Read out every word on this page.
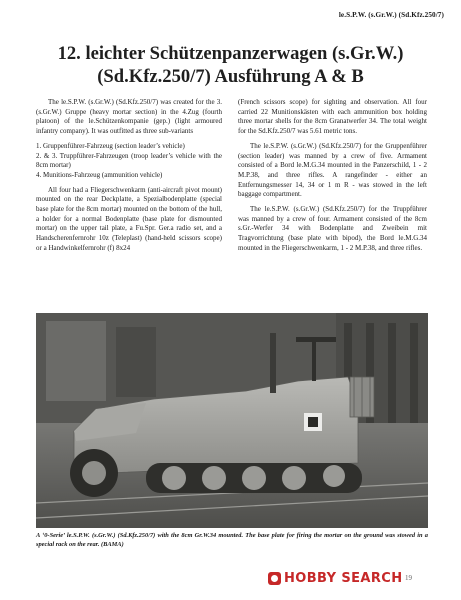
le.S.P.W. (s.Gr.W.) (Sd.Kfz.250/7)
12. leichter Schützenpanzerwagen (s.Gr.W.)
(Sd.Kfz.250/7) Ausführung A & B

The le.S.P.W. (s.Gr.W.) (Sd.Kfz.250/7) was created for the 3.(s.Gr.W.) Gruppe (heavy mortar section) in the 4.Zug (fourth platoon) of the le.Schützenkompanie (gep.) (light armoured infantry company). It was outfitted as three sub-variants

1. Gruppenführer-Fahrzeug (section leader’s vehicle)
2. & 3. Truppführer-Fahrzeugen (troop leader’s vehicle with the 8cm mortar)
4. Munitions-Fahrzeug (ammunition vehicle)

All four had a Fliegerschwenkarm (anti-aircraft pivot mount) mounted on the rear Deckplatte, a Spezialbodenplatte (special base plate for the 8cm mortar) mounted on the bottom of the hull, a holder for a normal Bodenplatte (base plate for dismounted mortar) on the upper tail plate, a Fu.Spr. Ger.a radio set, and a Handscherenfernrohr 10z (Teleplast) (hand-held scissors scope) or a Handwinkelfernrohr (f) 8x24

(French scissors scope) for sighting and observation. All four carried 22 Munitionskästen with each ammunition box holding three mortar shells for the 8cm Granatwerfer 34. The total weight for the Sd.Kfz.250/7 was 5.61 metric tons.

The le.S.P.W. (s.Gr.W.) (Sd.Kfz.250/7) for the Gruppenführer (section leader) was manned by a crew of five. Armament consisted of a Bord le.M.G.34 mounted in the Panzerschild, 1 - 2 M.P.38, and three rifles. A rangefinder - either an Entfernungsmesser 14, 34 or 1 m R - was stowed in the left baggage compartment.

The le.S.P.W. (s.Gr.W.) (Sd.Kfz.250/7) for the Truppführer was manned by a crew of four. Armament consisted of the 8cm s.Gr.-Werfer 34 with Bodenplatte and Zweibein mit Tragvorrichtung (base plate with bipod), the Bord le.M.G.34 mounted in the Fliegerschwenkarm, 1 - 2 M.P.38, and three rifles.

A ‘0-Serie’ le.S.P.W. (s.Gr.W.) (Sd.Kfz.250/7) with the 8cm Gr.W.34 mounted. The base plate for firing the mortar on the ground was stowed in a special rack on the rear. (BAMA)
HOBBY SEARCH 19
